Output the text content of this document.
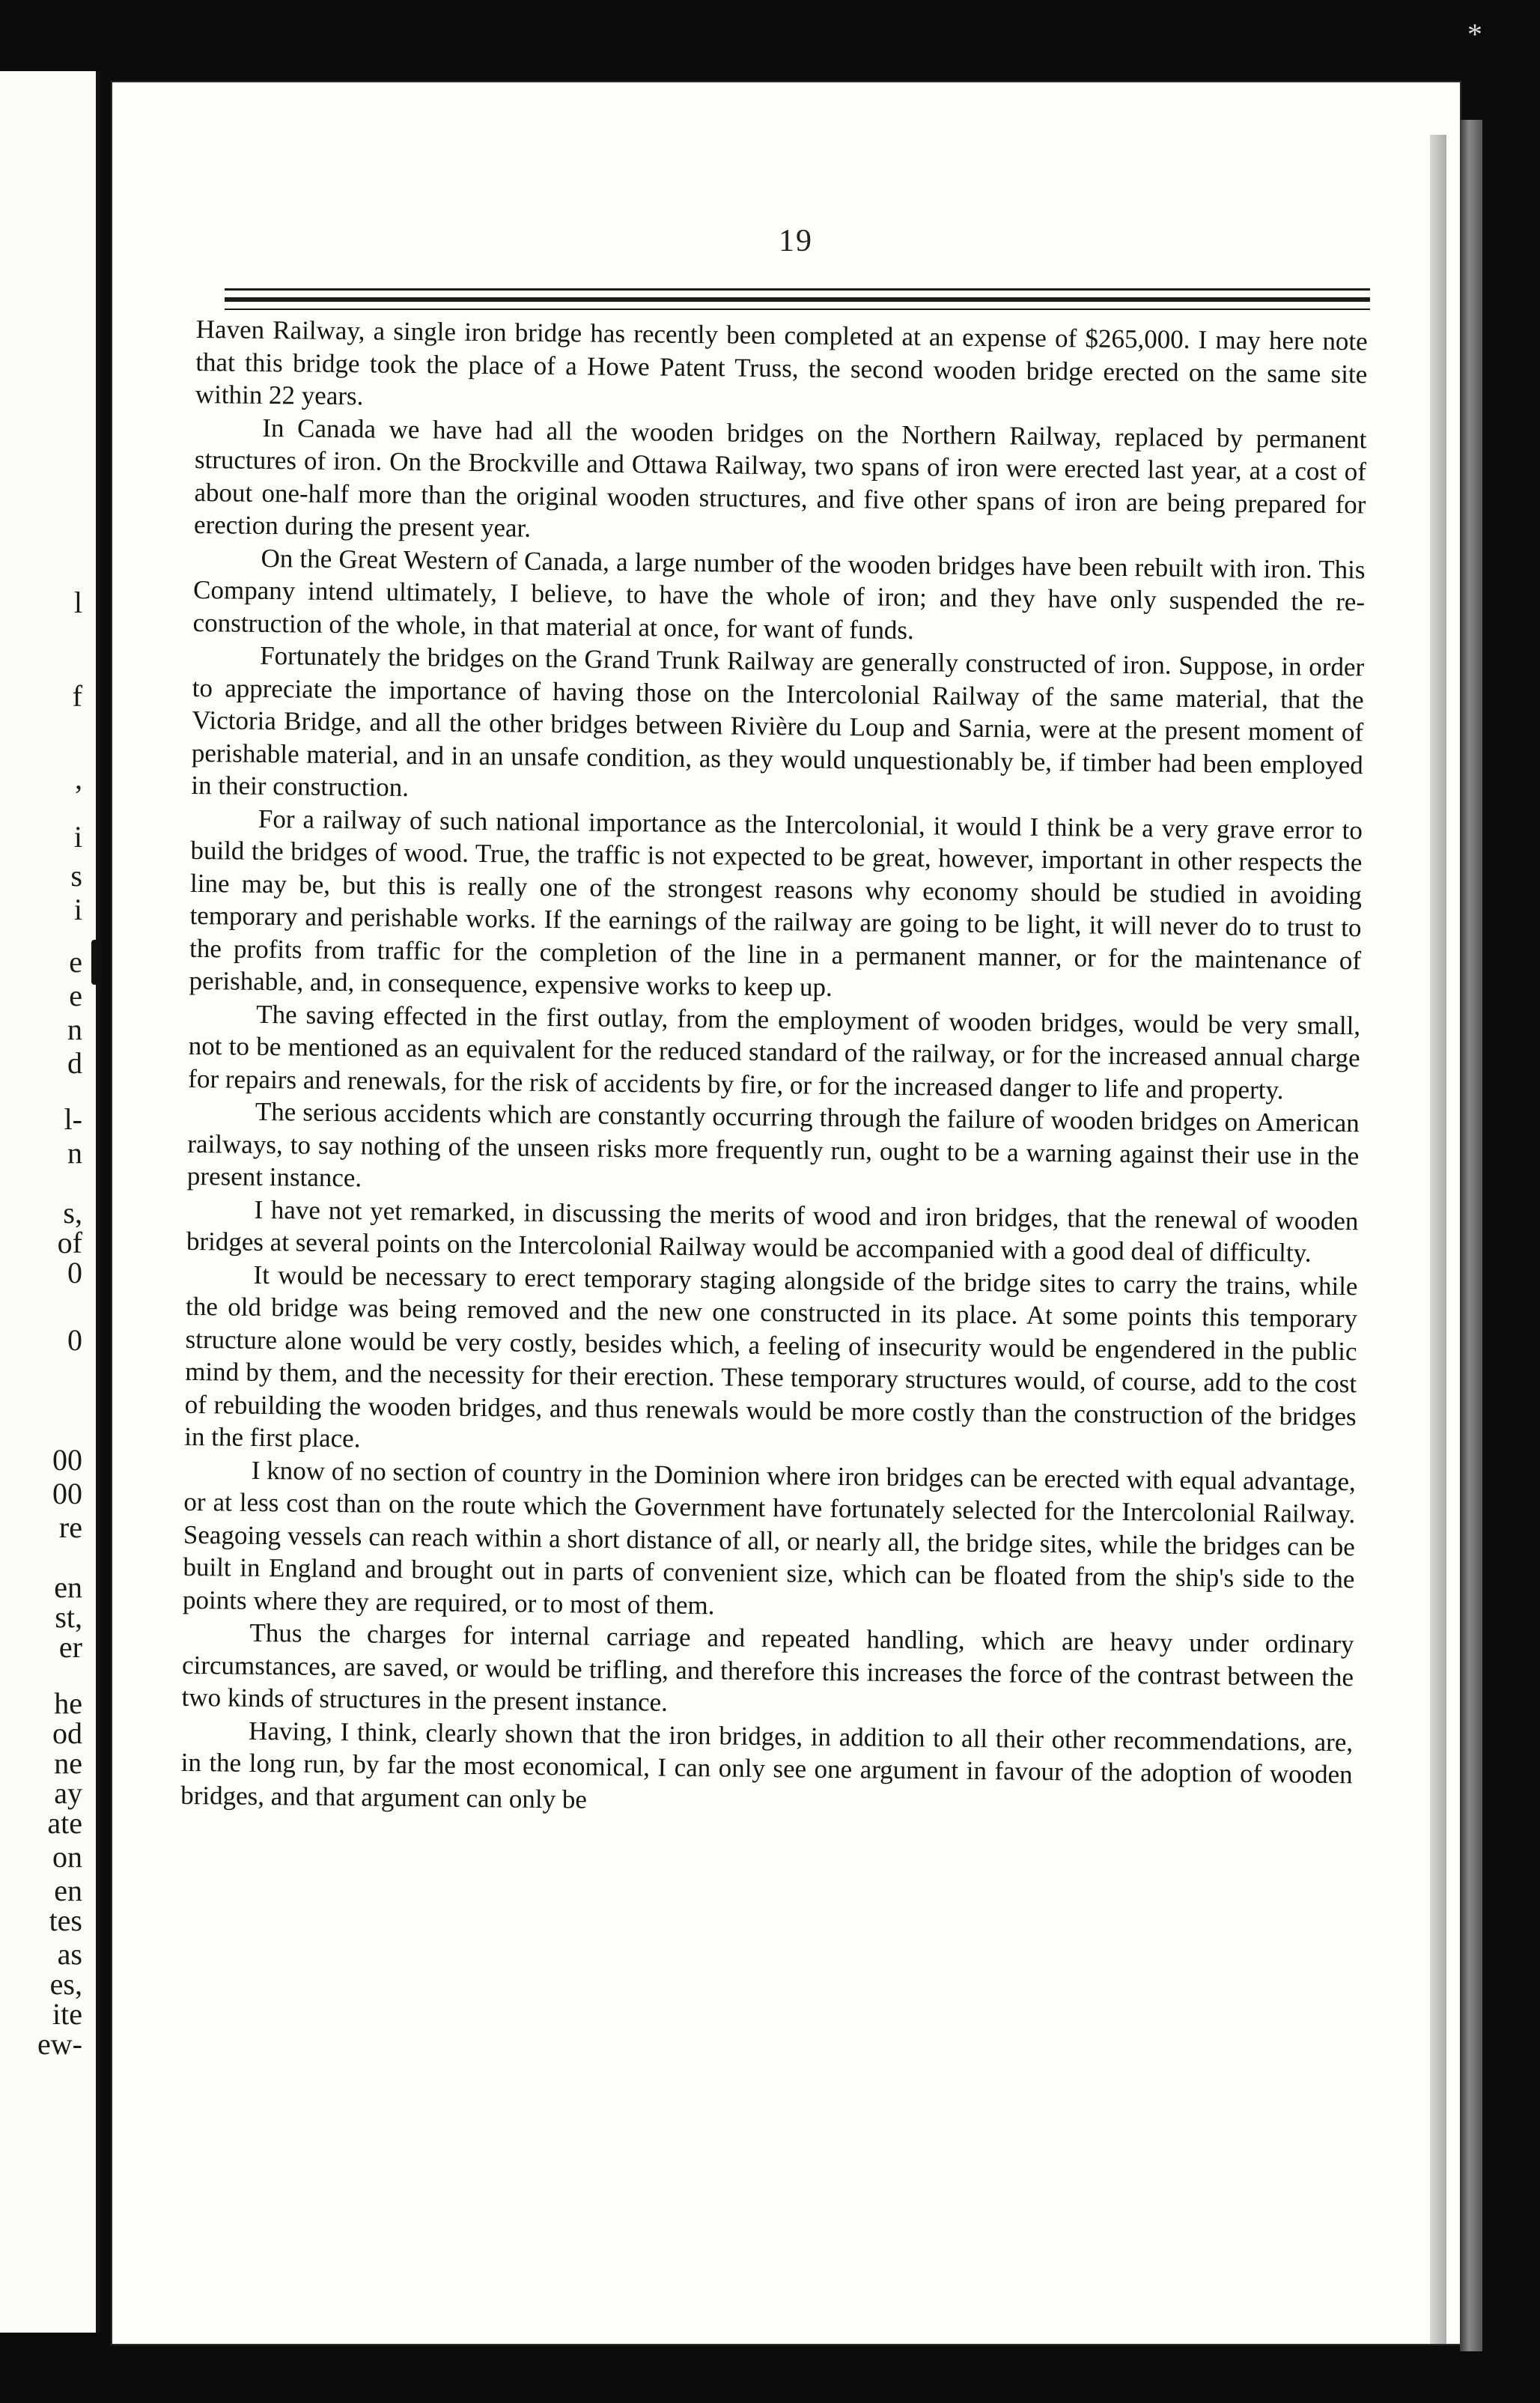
l
f
,
i
s
i
e
e
n
d
l-
n
s,
of
0
0
00
00
re
en
st,
er
he
od
ne
ay
ate
on
en
tes
as
es,
ite
ew-
*
19

Haven Railway, a single iron bridge has recently been completed at an expense of $265,000. I may here note that this bridge took the place of a Howe Patent Truss, the second wooden bridge erected on the same site within 22 years.

In Canada we have had all the wooden bridges on the Northern Railway, replaced by permanent structures of iron. On the Brockville and Ottawa Railway, two spans of iron were erected last year, at a cost of about one-half more than the original wooden structures, and five other spans of iron are being prepared for erection during the present year.

On the Great Western of Canada, a large number of the wooden bridges have been rebuilt with iron. This Company intend ultimately, I believe, to have the whole of iron; and they have only suspended the re-construction of the whole, in that material at once, for want of funds.

Fortunately the bridges on the Grand Trunk Railway are generally constructed of iron. Suppose, in order to appreciate the importance of having those on the Intercolonial Railway of the same material, that the Victoria Bridge, and all the other bridges between Rivière du Loup and Sarnia, were at the present moment of perishable material, and in an unsafe condition, as they would unquestionably be, if timber had been employed in their construction.

For a railway of such national importance as the Intercolonial, it would I think be a very grave error to build the bridges of wood. True, the traffic is not expected to be great, however, important in other respects the line may be, but this is really one of the strongest reasons why economy should be studied in avoiding temporary and perishable works. If the earnings of the railway are going to be light, it will never do to trust to the profits from traffic for the completion of the line in a permanent manner, or for the maintenance of perishable, and, in consequence, expensive works to keep up.

The saving effected in the first outlay, from the employment of wooden bridges, would be very small, not to be mentioned as an equivalent for the reduced standard of the railway, or for the increased annual charge for repairs and renewals, for the risk of accidents by fire, or for the increased danger to life and property.

The serious accidents which are constantly occurring through the failure of wooden bridges on American railways, to say nothing of the unseen risks more frequently run, ought to be a warning against their use in the present instance.

I have not yet remarked, in discussing the merits of wood and iron bridges, that the renewal of wooden bridges at several points on the Intercolonial Railway would be accompanied with a good deal of difficulty.

It would be necessary to erect temporary staging alongside of the bridge sites to carry the trains, while the old bridge was being removed and the new one constructed in its place. At some points this temporary structure alone would be very costly, besides which, a feeling of insecurity would be engendered in the public mind by them, and the necessity for their erection. These temporary structures would, of course, add to the cost of rebuilding the wooden bridges, and thus renewals would be more costly than the construction of the bridges in the first place.

I know of no section of country in the Dominion where iron bridges can be erected with equal advantage, or at less cost than on the route which the Government have fortunately selected for the Intercolonial Railway. Seagoing vessels can reach within a short distance of all, or nearly all, the bridge sites, while the bridges can be built in England and brought out in parts of convenient size, which can be floated from the ship's side to the points where they are required, or to most of them.

Thus the charges for internal carriage and repeated handling, which are heavy under ordinary circumstances, are saved, or would be trifling, and therefore this increases the force of the contrast between the two kinds of structures in the present instance.

Having, I think, clearly shown that the iron bridges, in addition to all their other recommendations, are, in the long run, by far the most economical, I can only see one argument in favour of the adoption of wooden bridges, and that argument can only be
